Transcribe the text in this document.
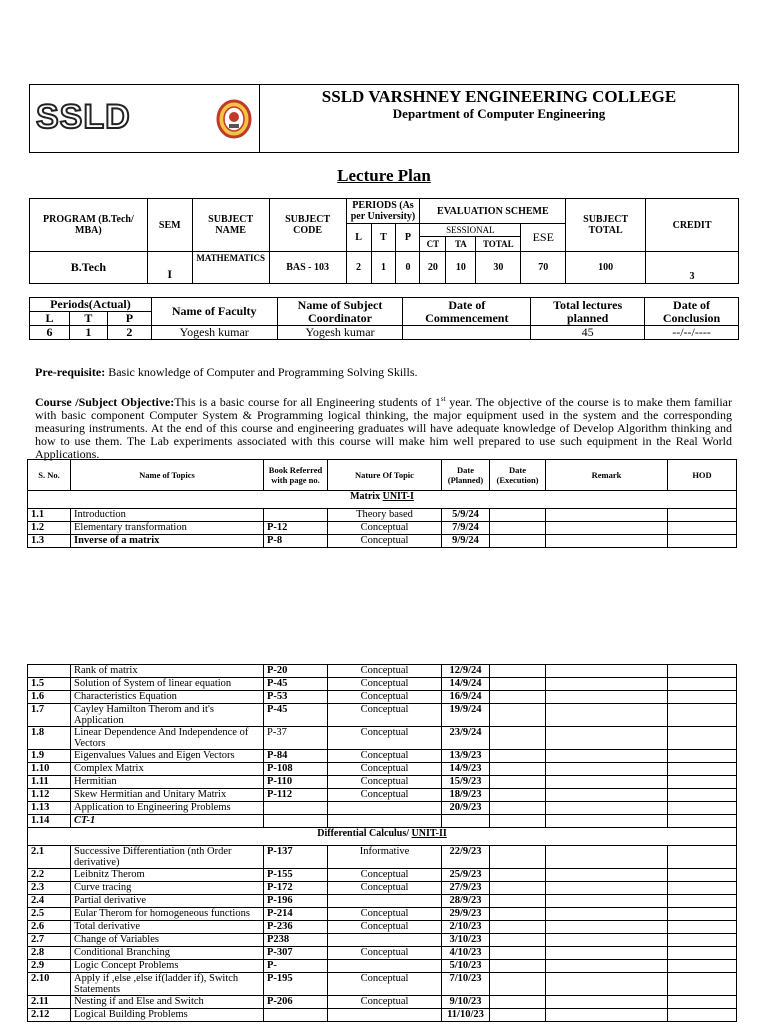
SSLD
SSLD VARSHNEY ENGINEERING COLLEGE
Department of Computer Engineering
Lecture Plan
PROGRAM (B.Tech/ MBA)	SEM	SUBJECT NAME	SUBJECT CODE	PERIODS (As per University)			EVALUATION SCHEME				SUBJECT TOTAL	CREDIT
				L	T	P	SESSIONAL			ESE		
							CT	TA	TOTAL			
B.Tech	I	MATHEMATICS	BAS - 103	2	1	0	20	10	30	70	100	3
Periods(Actual)			Name of Faculty	Name of Subject Coordinator	Date of Commencement	Total lectures planned	Date of Conclusion
L	T	P					
6	1	2	Yogesh kumar	Yogesh kumar		45	--/--/----
Pre-requisite: Basic knowledge of Computer and Programming Solving Skills.
Course /Subject Objective:This is a basic course for all Engineering students of 1st year. The objective of the course is to make them familiar with basic component Computer System & Programming logical thinking, the major equipment used in the system and the corresponding measuring instruments. At the end of this course and engineering graduates will have adequate knowledge of Develop Algorithm thinking and how to use them. The Lab experiments associated with this course will make him well prepared to use such equipment in the Real World Applications.
S. No.	Name of Topics	Book Referred with page no.	Nature Of Topic	Date (Planned)	Date (Execution)	Remark	HOD
Matrix UNIT-I							
1.1	Introduction		Theory based	5/9/24			
1.2	Elementary transformation	P-12	Conceptual	7/9/24			
1.3	Inverse of a matrix	P-8	Conceptual	9/9/24			
	Rank of matrix	P-20	Conceptual	12/9/24			
1.5	Solution of System of linear equation	P-45	Conceptual	14/9/24			
1.6	Characteristics Equation	P-53	Conceptual	16/9/24			
1.7	Cayley Hamilton Therom and it's Application	P-45	Conceptual	19/9/24			
1.8	Linear Dependence And Independence of Vectors	P-37	Conceptual	23/9/24			
1.9	Eigenvalues Values and Eigen Vectors	P-84	Conceptual	13/9/23			
1.10	Complex Matrix	P-108	Conceptual	14/9/23			
1.11	Hermitian	P-110	Conceptual	15/9/23			
1.12	Skew Hermitian and Unitary Matrix	P-112	Conceptual	18/9/23			
1.13	Application to Engineering Problems			20/9/23			
1.14	CT-1						
Differential Calculus/ UNIT-II							
2.1	Successive Differentiation (nth Order derivative)	P-137	Informative	22/9/23			
2.2	Leibnitz Therom	P-155	Conceptual	25/9/23			
2.3	Curve tracing	P-172	Conceptual	27/9/23			
2.4	Partial derivative	P-196		28/9/23			
2.5	Eular Therom for homogeneous functions	P-214	Conceptual	29/9/23			
2.6	Total derivative	P-236	Conceptual	2/10/23			
2.7	Change of Variables	P238		3/10/23			
2.8	Conditional Branching	P-307	Conceptual	4/10/23			
2.9	Logic Concept Problems	P-		5/10/23			
2.10	Apply if ,else ,else if(ladder if), Switch Statements	P-195	Conceptual	7/10/23			
2.11	Nesting if and Else and Switch	P-206	Conceptual	9/10/23			
2.12	Logical Building Problems			11/10/23			
